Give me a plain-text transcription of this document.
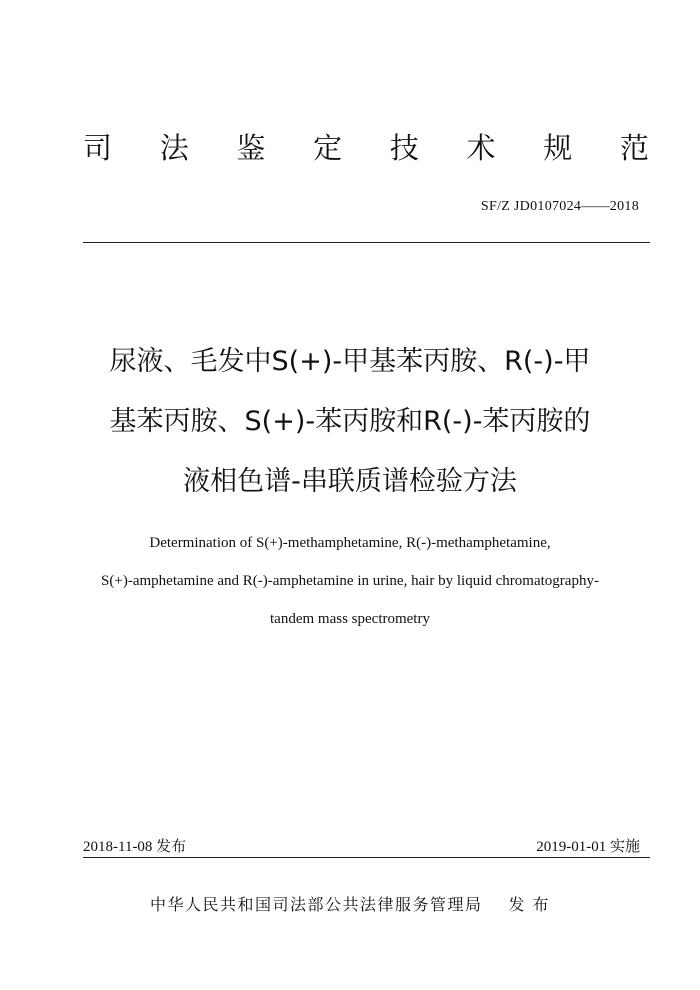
司 法 鉴 定 技 术 规 范
SF/Z JD0107024——2018
尿液、毛发中S(+)-甲基苯丙胺、R(-)-甲
基苯丙胺、S(+)-苯丙胺和R(-)-苯丙胺的
液相色谱-串联质谱检验方法
Determination of S(+)-methamphetamine, R(-)-methamphetamine,
S(+)-amphetamine and R(-)-amphetamine in urine, hair by liquid chromatography-
tandem mass spectrometry
2018-11-08 发布	2019-01-01 实施
中华人民共和国司法部公共法律服务管理局 发 布
